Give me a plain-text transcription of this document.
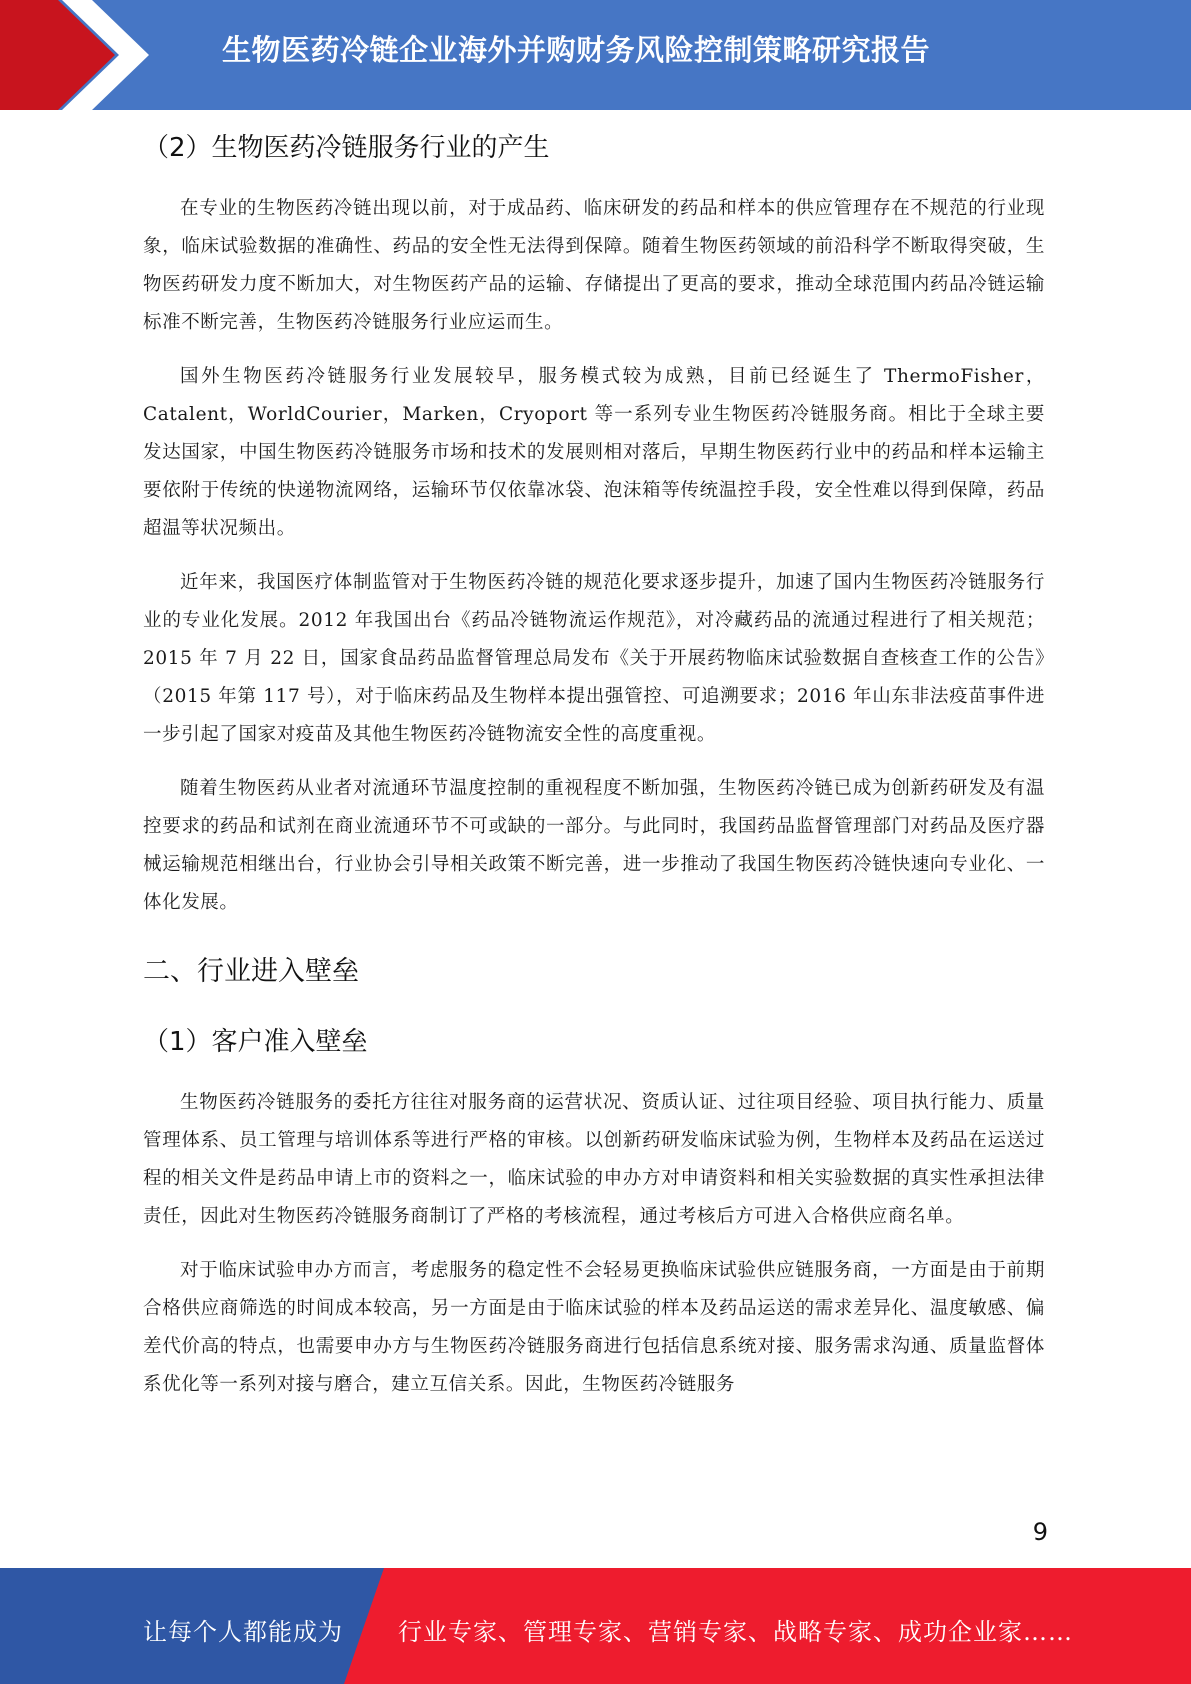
生物医药冷链企业海外并购财务风险控制策略研究报告
（2）生物医药冷链服务行业的产生

在专业的生物医药冷链出现以前，对于成品药、临床研发的药品和样本的供应管理存在不规范的行业现象，临床试验数据的准确性、药品的安全性无法得到保障。随着生物医药领域的前沿科学不断取得突破，生物医药研发力度不断加大，对生物医药产品的运输、存储提出了更高的要求，推动全球范围内药品冷链运输标准不断完善，生物医药冷链服务行业应运而生。

国外生物医药冷链服务行业发展较早，服务模式较为成熟，目前已经诞生了 ThermoFisher，Catalent，WorldCourier，Marken，Cryoport 等一系列专业生物医药冷链服务商。相比于全球主要发达国家，中国生物医药冷链服务市场和技术的发展则相对落后，早期生物医药行业中的药品和样本运输主要依附于传统的快递物流网络，运输环节仅依靠冰袋、泡沫箱等传统温控手段，安全性难以得到保障，药品超温等状况频出。

近年来，我国医疗体制监管对于生物医药冷链的规范化要求逐步提升，加速了国内生物医药冷链服务行业的专业化发展。2012 年我国出台《药品冷链物流运作规范》，对冷藏药品的流通过程进行了相关规范；2015 年 7 月 22 日，国家食品药品监督管理总局发布《关于开展药物临床试验数据自查核查工作的公告》（2015 年第 117 号），对于临床药品及生物样本提出强管控、可追溯要求；2016 年山东非法疫苗事件进一步引起了国家对疫苗及其他生物医药冷链物流安全性的高度重视。

随着生物医药从业者对流通环节温度控制的重视程度不断加强，生物医药冷链已成为创新药研发及有温控要求的药品和试剂在商业流通环节不可或缺的一部分。与此同时，我国药品监督管理部门对药品及医疗器械运输规范相继出台，行业协会引导相关政策不断完善，进一步推动了我国生物医药冷链快速向专业化、一体化发展。

二、行业进入壁垒
（1）客户准入壁垒

生物医药冷链服务的委托方往往对服务商的运营状况、资质认证、过往项目经验、项目执行能力、质量管理体系、员工管理与培训体系等进行严格的审核。以创新药研发临床试验为例，生物样本及药品在运送过程的相关文件是药品申请上市的资料之一，临床试验的申办方对申请资料和相关实验数据的真实性承担法律责任，因此对生物医药冷链服务商制订了严格的考核流程，通过考核后方可进入合格供应商名单。

对于临床试验申办方而言，考虑服务的稳定性不会轻易更换临床试验供应链服务商，一方面是由于前期合格供应商筛选的时间成本较高，另一方面是由于临床试验的样本及药品运送的需求差异化、温度敏感、偏差代价高的特点，也需要申办方与生物医药冷链服务商进行包括信息系统对接、服务需求沟通、质量监督体系优化等一系列对接与磨合，建立互信关系。因此，生物医药冷链服务

9
让每个人都能成为 行业专家、管理专家、营销专家、战略专家、成功企业家……
